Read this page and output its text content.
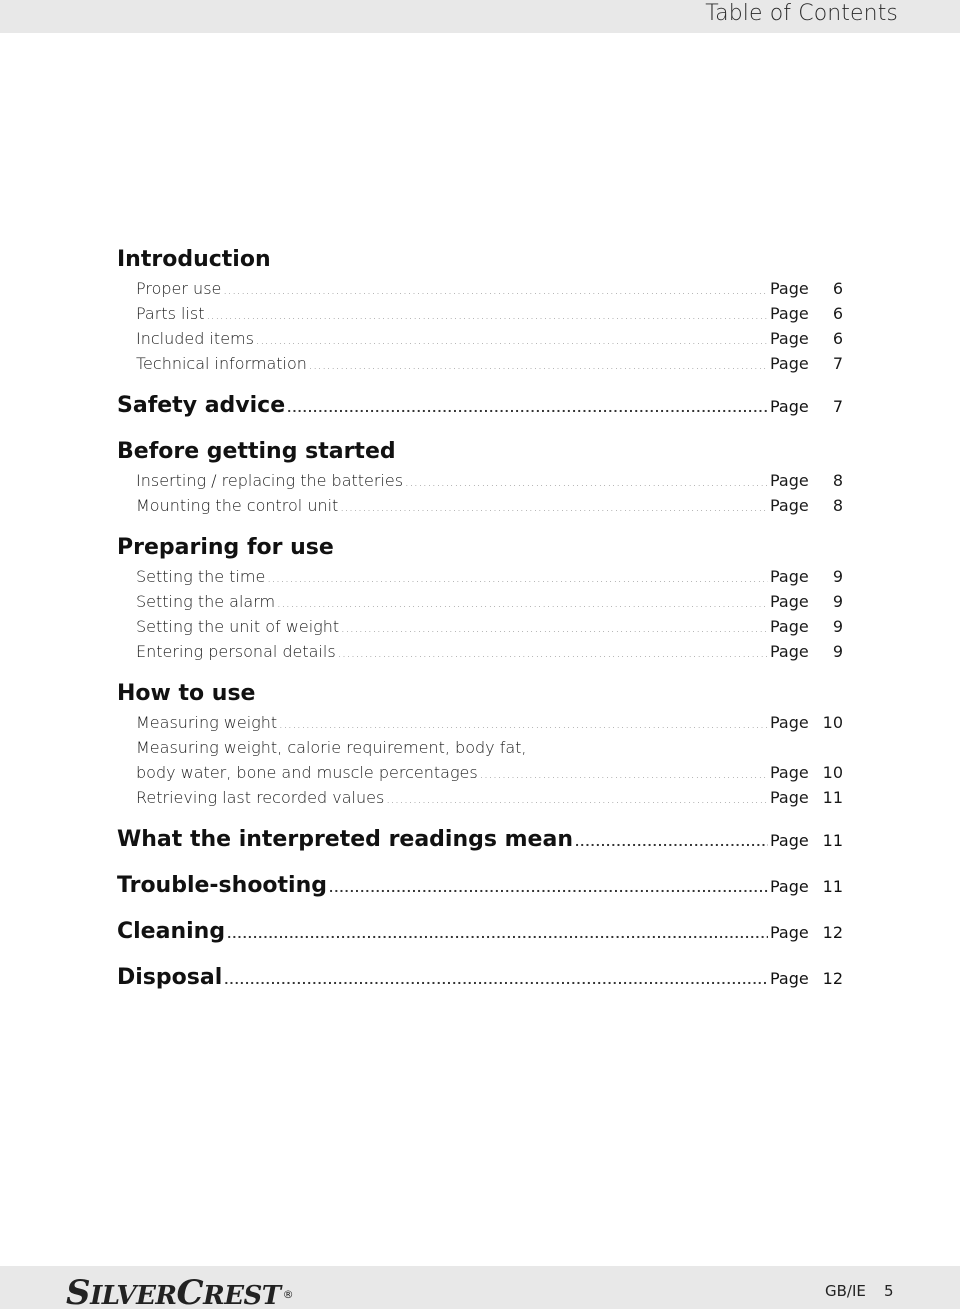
Table of Contents
Introduction
Proper use .....	Page	6
Parts list .....	Page	6
Included items .....	Page	6
Technical information .....	Page	7
Safety advice .....	Page	7
Before getting started
Inserting / replacing the batteries .....	Page	8
Mounting the control unit .....	Page	8
Preparing for use
Setting the time .....	Page	9
Setting the alarm .....	Page	9
Setting the unit of weight .....	Page	9
Entering personal details .....	Page	9
How to use
Measuring weight .....	Page 10
Measuring weight, calorie requirement, body fat,
body water, bone and muscle percentages .....	Page 10
Retrieving last recorded values .....	Page 11
What the interpreted readings mean .....	Page 11
Trouble-shooting .....	Page 11
Cleaning .....	Page 12
Disposal .....	Page 12
SILVERCREST ®	GB/IE 5
